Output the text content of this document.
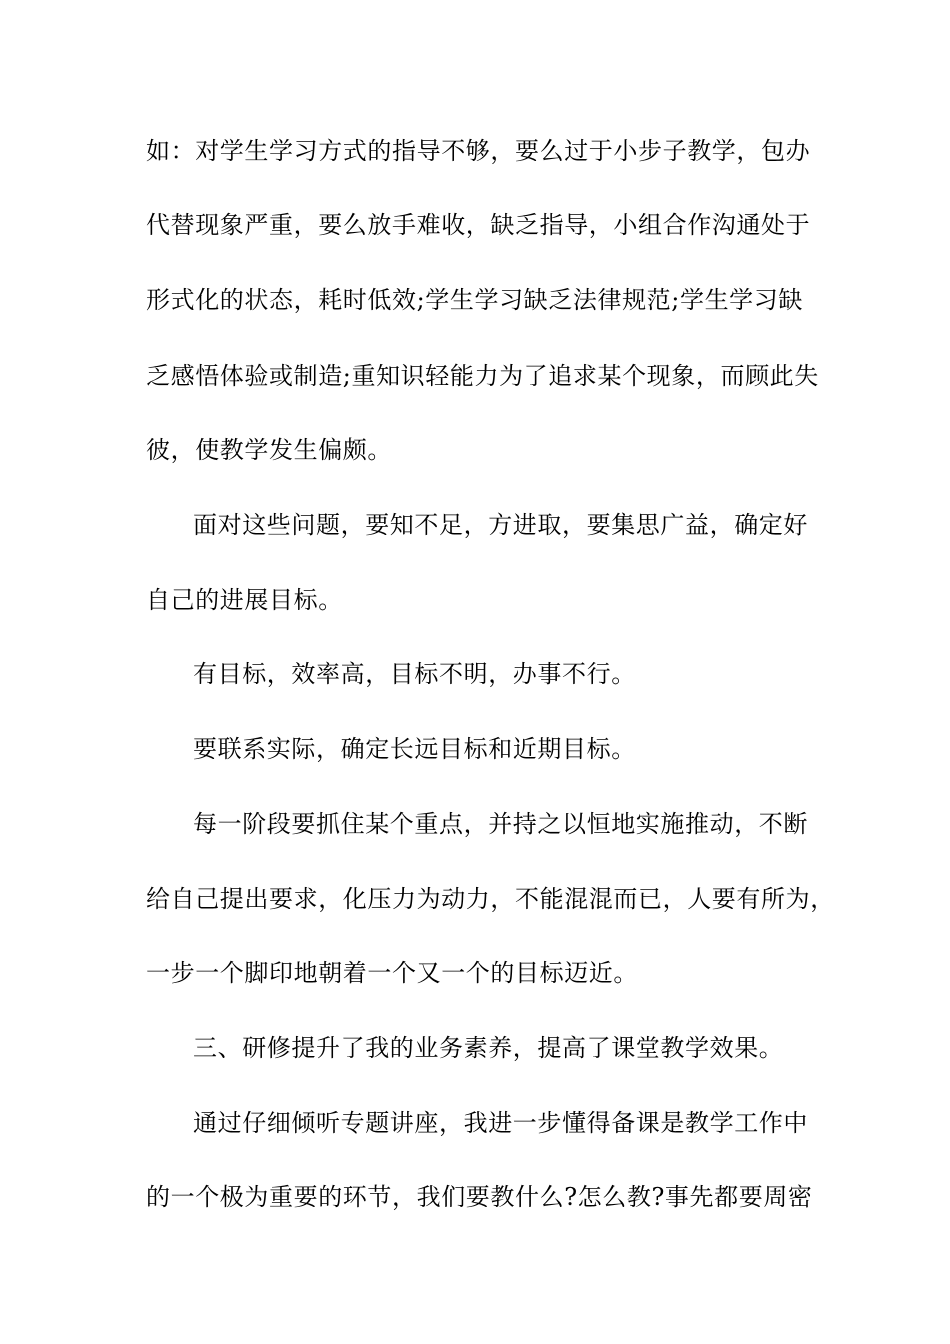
如：对学生学习方式的指导不够，要么过于小步子教学，包办
代替现象严重，要么放手难收，缺乏指导，小组合作沟通处于
形式化的状态，耗时低效;学生学习缺乏法律规范;学生学习缺
乏感悟体验或制造;重知识轻能力为了追求某个现象，而顾此失
彼，使教学发生偏颇。
面对这些问题，要知不足，方进取，要集思广益，确定好
自己的进展目标。
有目标，效率高，目标不明，办事不行。
要联系实际，确定长远目标和近期目标。
每一阶段要抓住某个重点，并持之以恒地实施推动，不断
给自己提出要求，化压力为动力，不能混混而已，人要有所为，
一步一个脚印地朝着一个又一个的目标迈近。
三、研修提升了我的业务素养，提高了课堂教学效果。
通过仔细倾听专题讲座，我进一步懂得备课是教学工作中
的一个极为重要的环节，我们要教什么?怎么教?事先都要周密
